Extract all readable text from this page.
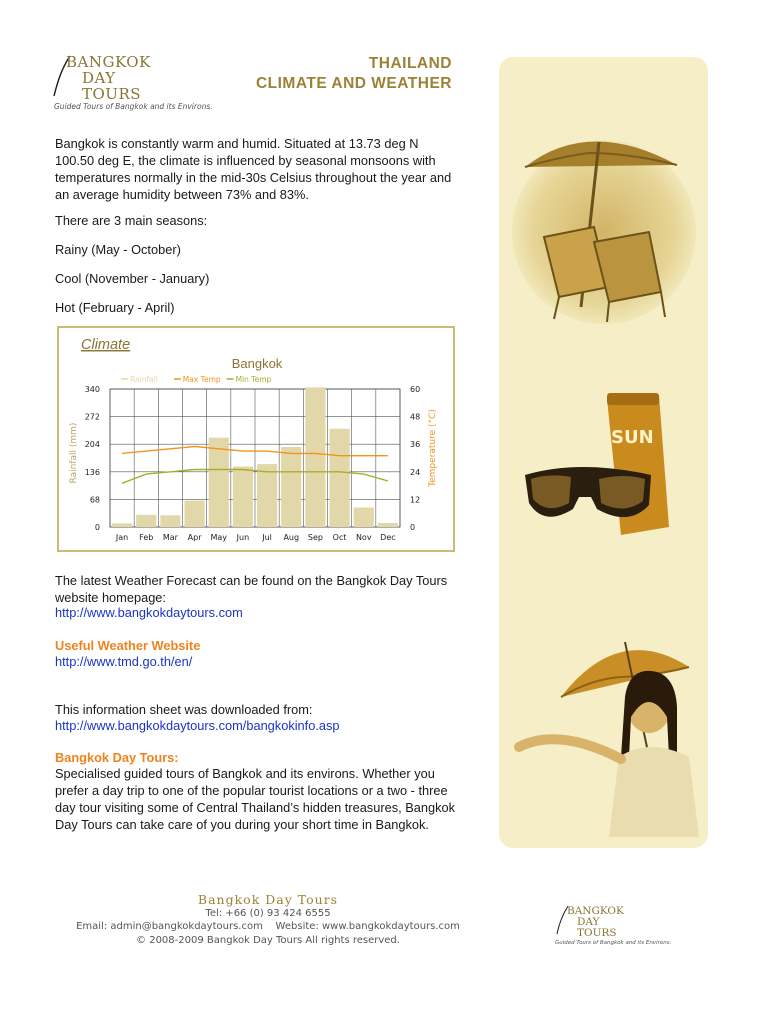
BANGKOK
DAY
TOURS
Guided Tours of Bangkok and its Environs.
THAILAND
CLIMATE AND WEATHER
Bangkok is constantly warm and humid. Situated at 13.73 deg N 100.50 deg E, the climate is influenced by seasonal monsoons with temperatures normally in the mid-30s Celsius throughout the year and an average humidity between 73% and 83%.
There are 3 main seasons:
Rainy (May - October)
Cool (November - January)
Hot (February - April)
Climate
Bangkok
Rainfall	Max Temp Min Temp
0	0
68	12
136	24
204	36
272	48
340	60
Jan Feb Mar Apr May Jun Jul Aug Sep Oct Nov Dec
Rainfall (mm)	Temperature (°C)
The latest Weather Forecast can be found on the Bangkok Day Tours website homepage:
http://www.bangkokdaytours.com
Useful Weather Website
http://www.tmd.go.th/en/
This information sheet was downloaded from:
http://www.bangkokdaytours.com/bangkokinfo.asp
Bangkok Day Tours:
Specialised guided tours of Bangkok and its environs. Whether you prefer a day trip to one of the popular tourist locations or a two - three day tour visiting some of Central Thailand’s hidden treasures, Bangkok Day Tours can take care of you during your short time in Bangkok.
SUN
Bangkok Day Tours
Tel: +66 (0) 93 424 6555
Email: admin@bangkokdaytours.com    Website: www.bangkokdaytours.com
© 2008-2009 Bangkok Day Tours All rights reserved.
BANGKOK
DAY
TOURS
Guided Tours of Bangkok and its Environs.
